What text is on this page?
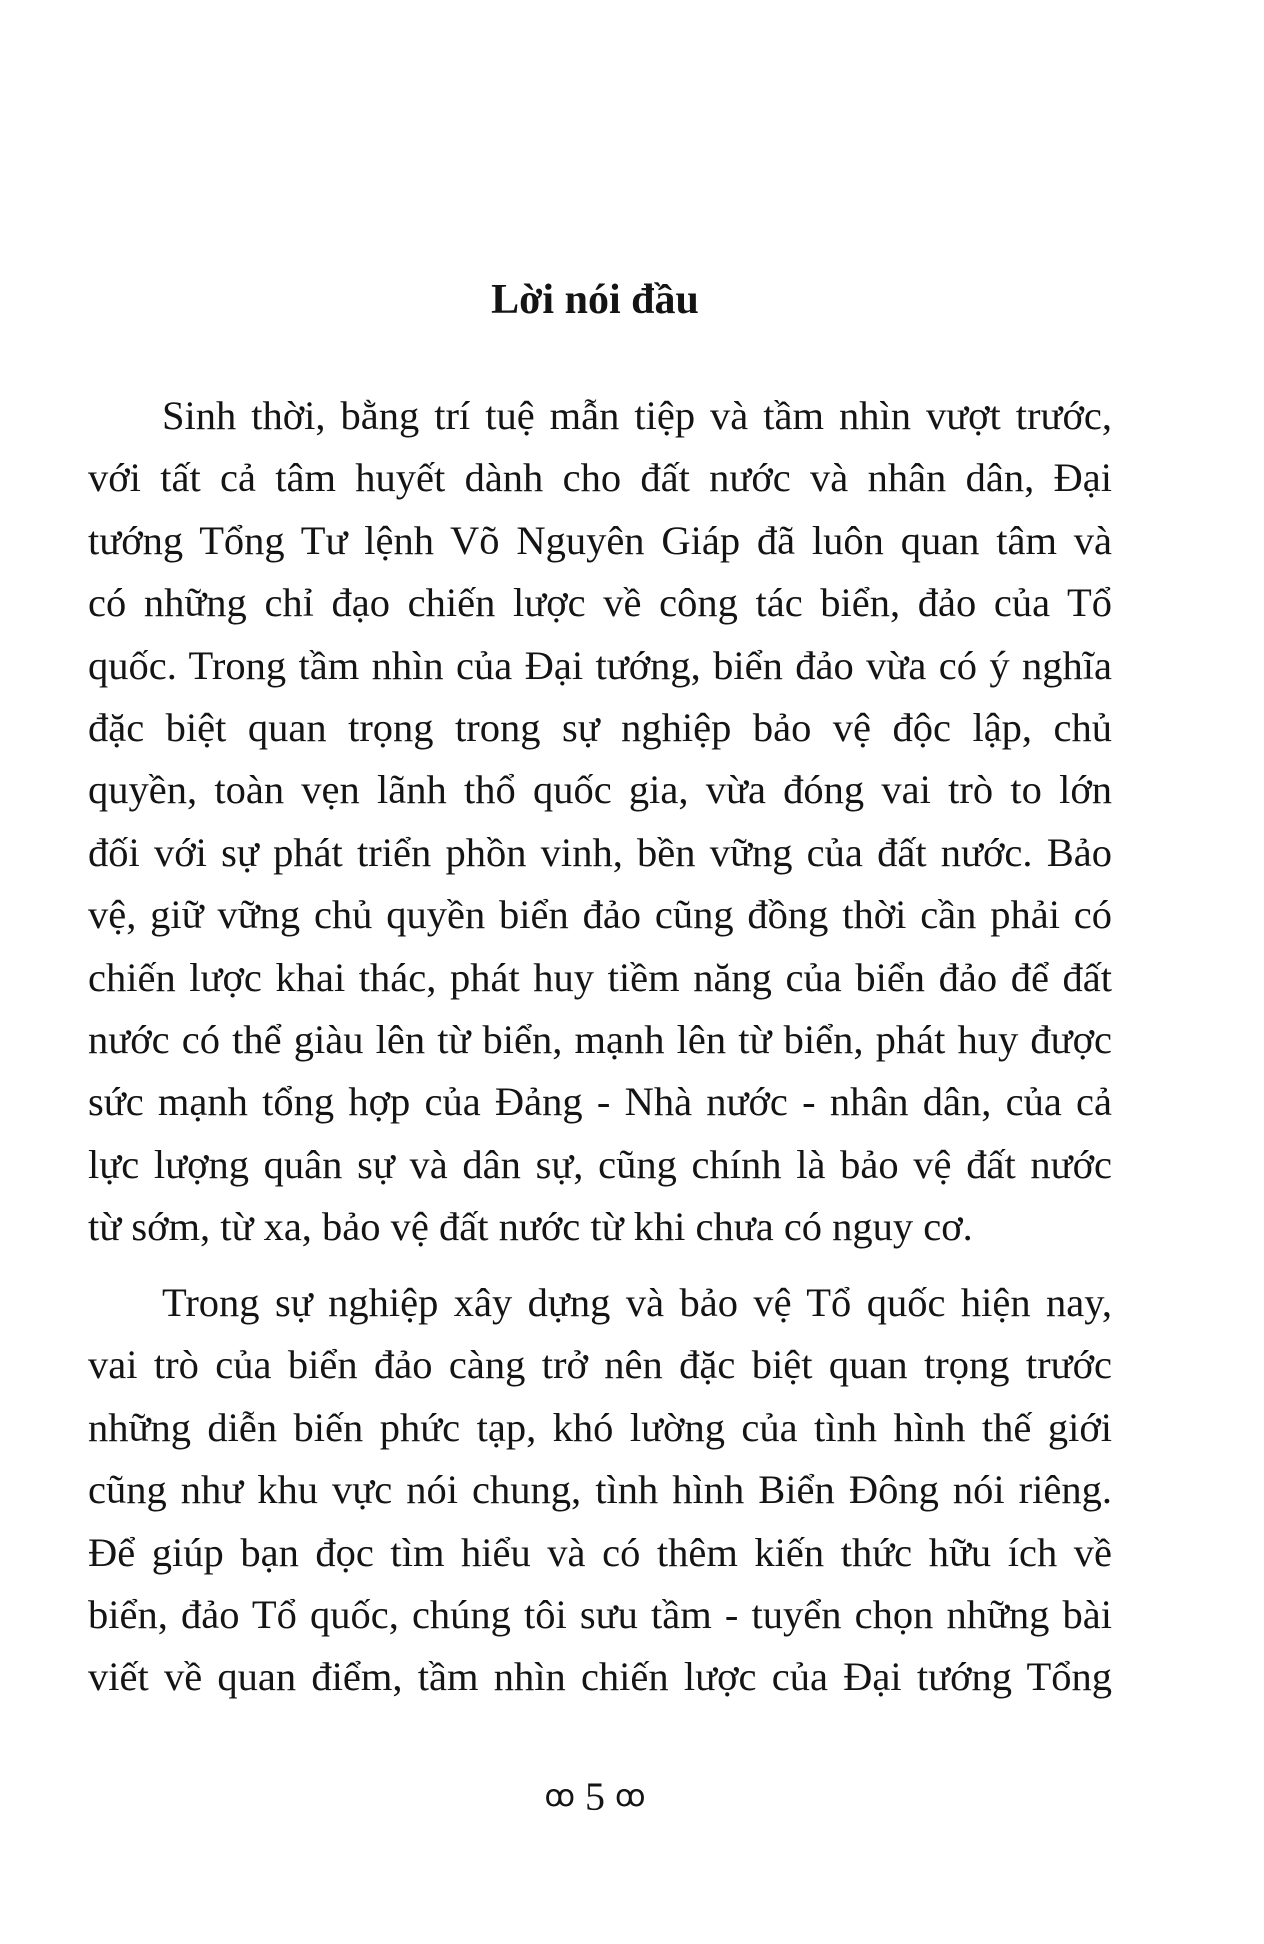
Lời nói đầu
Sinh thời, bằng trí tuệ mẫn tiệp và tầm nhìn vượt trước,
với tất cả tâm huyết dành cho đất nước và nhân dân, Đại
tướng Tổng Tư lệnh Võ Nguyên Giáp đã luôn quan tâm và
có những chỉ đạo chiến lược về công tác biển, đảo của Tổ
quốc. Trong tầm nhìn của Đại tướng, biển đảo vừa có ý nghĩa
đặc biệt quan trọng trong sự nghiệp bảo vệ độc lập, chủ
quyền, toàn vẹn lãnh thổ quốc gia, vừa đóng vai trò to lớn
đối với sự phát triển phồn vinh, bền vững của đất nước. Bảo
vệ, giữ vững chủ quyền biển đảo cũng đồng thời cần phải có
chiến lược khai thác, phát huy tiềm năng của biển đảo để đất
nước có thể giàu lên từ biển, mạnh lên từ biển, phát huy được
sức mạnh tổng hợp của Đảng - Nhà nước - nhân dân, của cả
lực lượng quân sự và dân sự, cũng chính là bảo vệ đất nước
từ sớm, từ xa, bảo vệ đất nước từ khi chưa có nguy cơ.
Trong sự nghiệp xây dựng và bảo vệ Tổ quốc hiện nay,
vai trò của biển đảo càng trở nên đặc biệt quan trọng trước
những diễn biến phức tạp, khó lường của tình hình thế giới
cũng như khu vực nói chung, tình hình Biển Đông nói riêng.
Để giúp bạn đọc tìm hiểu và có thêm kiến thức hữu ích về
biển, đảo Tổ quốc, chúng tôi sưu tầm - tuyển chọn những bài
viết về quan điểm, tầm nhìn chiến lược của Đại tướng Tổng
ꝏ 5 ꝏ
